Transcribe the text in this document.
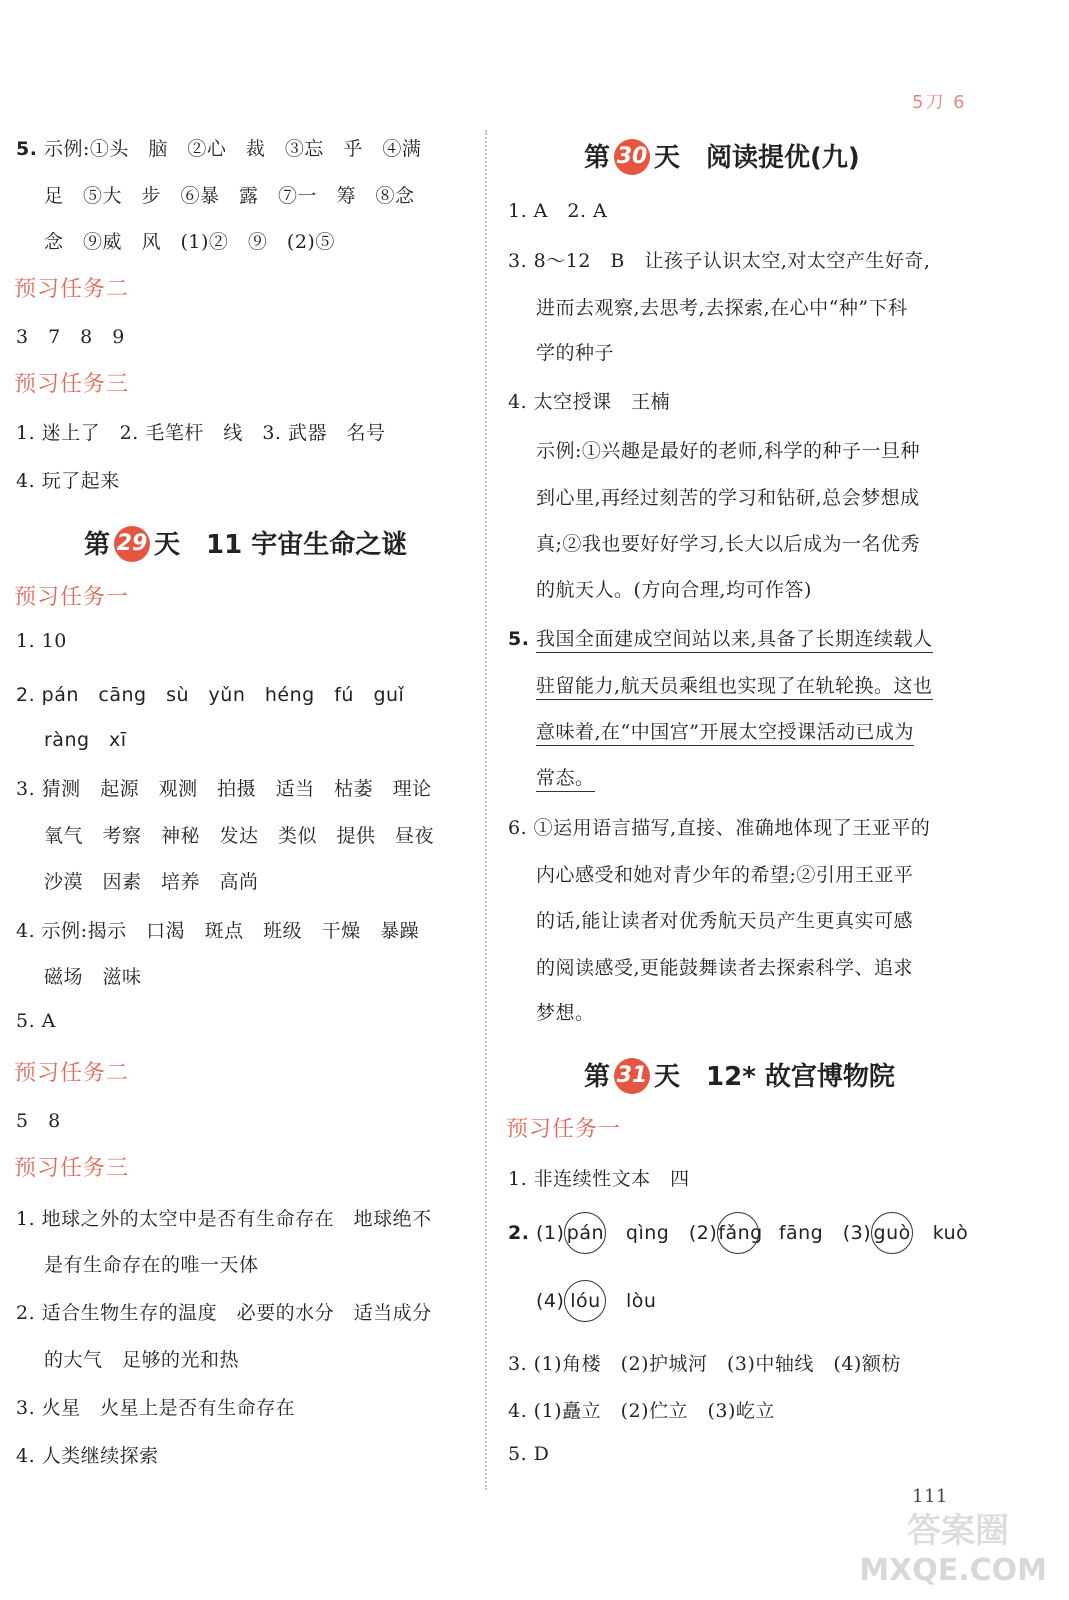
5刀 6
5. 示例:①头　脑　②心　裁　③忘　乎　④满
足　⑤大　步　⑥暴　露　⑦一　筹　⑧念
念　⑨威　风　(1)②　⑨　(2)⑤
预习任务二
3　7　8　9
预习任务三
1. 迷上了　2. 毛笔杆　线　3. 武器　名号
4. 玩了起来
第 29 天　11 宇宙生命之谜
预习任务一
1. 10
2. pán　cāng　sù　yǔn　héng　fú　guǐ
ràng　xī
3. 猜测　起源　观测　拍摄　适当　枯萎　理论
氧气　考察　神秘　发达　类似　提供　昼夜
沙漠　因素　培养　高尚
4. 示例:揭示　口渴　斑点　班级　干燥　暴躁
磁场　滋味
5. A
预习任务二
5　8
预习任务三
1. 地球之外的太空中是否有生命存在　地球绝不
是有生命存在的唯一天体
2. 适合生物生存的温度　必要的水分　适当成分
的大气　足够的光和热
3. 火星　火星上是否有生命存在
4. 人类继续探索
第 30 天　阅读提优(九)
1. A　2. A
3. 8～12　B　让孩子认识太空,对太空产生好奇,
进而去观察,去思考,去探索,在心中“种”下科
学的种子
4. 太空授课　王楠
示例:①兴趣是最好的老师,科学的种子一旦种
到心里,再经过刻苦的学习和钻研,总会梦想成
真;②我也要好好学习,长大以后成为一名优秀
的航天人。(方向合理,均可作答)
5. 我国全面建成空间站以来,具备了长期连续载人
驻留能力,航天员乘组也实现了在轨轮换。这也
意味着,在“中国宫”开展太空授课活动已成为
常态。
6. ①运用语言描写,直接、准确地体现了王亚平的
内心感受和她对青少年的希望;②引用王亚平
的话,能让读者对优秀航天员产生更真实可感
的阅读感受,更能鼓舞读者去探索科学、追求
梦想。
第 31 天　12* 故宫博物院
预习任务一
1. 非连续性文本　四
2. (1) pán　 qìng　(2)fǎng　 fāng　(3) guò　 kuò
(4) lóu　 lòu
3. (1)角楼　(2)护城河　(3)中轴线　(4)额枋
4. (1)矗立　(2)伫立　(3)屹立
5. D
111
答案圈
MXQE.COM
